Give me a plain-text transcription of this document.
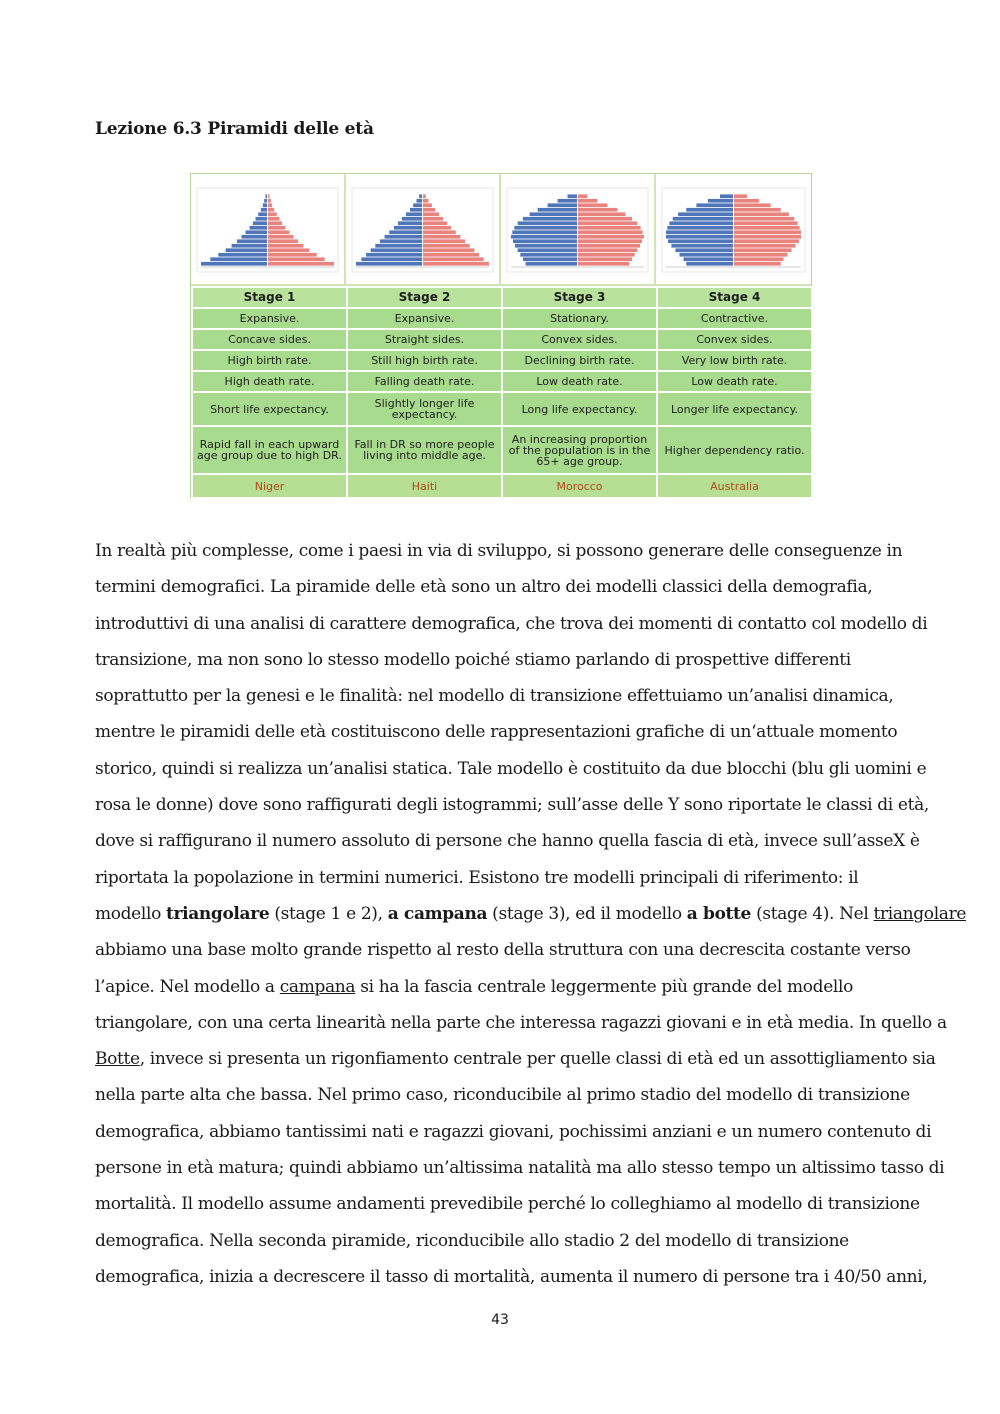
Lezione 6.3 Piramidi delle età
Stage 1	Stage 2	Stage 3	Stage 4
Expansive.	Expansive.	Stationary.	Contractive.
Concave sides.	Straight sides.	Convex sides.	Convex sides.
High birth rate.	Still high birth rate.	Declining birth rate.	Very low birth rate.
High death rate.	Falling death rate.	Low death rate.	Low death rate.
Short life expectancy.	Slightly longer life expectancy.	Long life expectancy.	Longer life expectancy.
Rapid fall in each upward age group due to high DR.	Fall in DR so more people living into middle age.	An increasing proportion of the population is in the 65+ age group.	Higher dependency ratio.
Niger	Haiti	Morocco	Australia

In realtà più complesse, come i paesi in via di sviluppo, si possono generare delle conseguenze in

termini demografici. La piramide delle età sono un altro dei modelli classici della demografia,

introduttivi di una analisi di carattere demografica, che trova dei momenti di contatto col modello di

transizione, ma non sono lo stesso modello poiché stiamo parlando di prospettive differenti

soprattutto per la genesi e le finalità: nel modello di transizione effettuiamo un’analisi dinamica,

mentre le piramidi delle età costituiscono delle rappresentazioni grafiche di un‘attuale momento

storico, quindi si realizza un’analisi statica. Tale modello è costituito da due blocchi (blu gli uomini e

rosa le donne) dove sono raffigurati degli istogrammi; sull’asse delle Y sono riportate le classi di età,

dove si raffigurano il numero assoluto di persone che hanno quella fascia di età, invece sull’asseX è

riportata la popolazione in termini numerici. Esistono tre modelli principali di riferimento: il

modello triangolare (stage 1 e 2), a campana (stage 3), ed il modello a botte (stage 4). Nel triangolare

abbiamo una base molto grande rispetto al resto della struttura con una decrescita costante verso

l’apice. Nel modello a campana si ha la fascia centrale leggermente più grande del modello

triangolare, con una certa linearità nella parte che interessa ragazzi giovani e in età media. In quello a

Botte, invece si presenta un rigonfiamento centrale per quelle classi di età ed un assottigliamento sia

nella parte alta che bassa. Nel primo caso, riconducibile al primo stadio del modello di transizione

demografica, abbiamo tantissimi nati e ragazzi giovani, pochissimi anziani e un numero contenuto di

persone in età matura; quindi abbiamo un’altissima natalità ma allo stesso tempo un altissimo tasso di

mortalità. Il modello assume andamenti prevedibile perché lo colleghiamo al modello di transizione

demografica. Nella seconda piramide, riconducibile allo stadio 2 del modello di transizione

demografica, inizia a decrescere il tasso di mortalità, aumenta il numero di persone tra i 40/50 anni,

43
